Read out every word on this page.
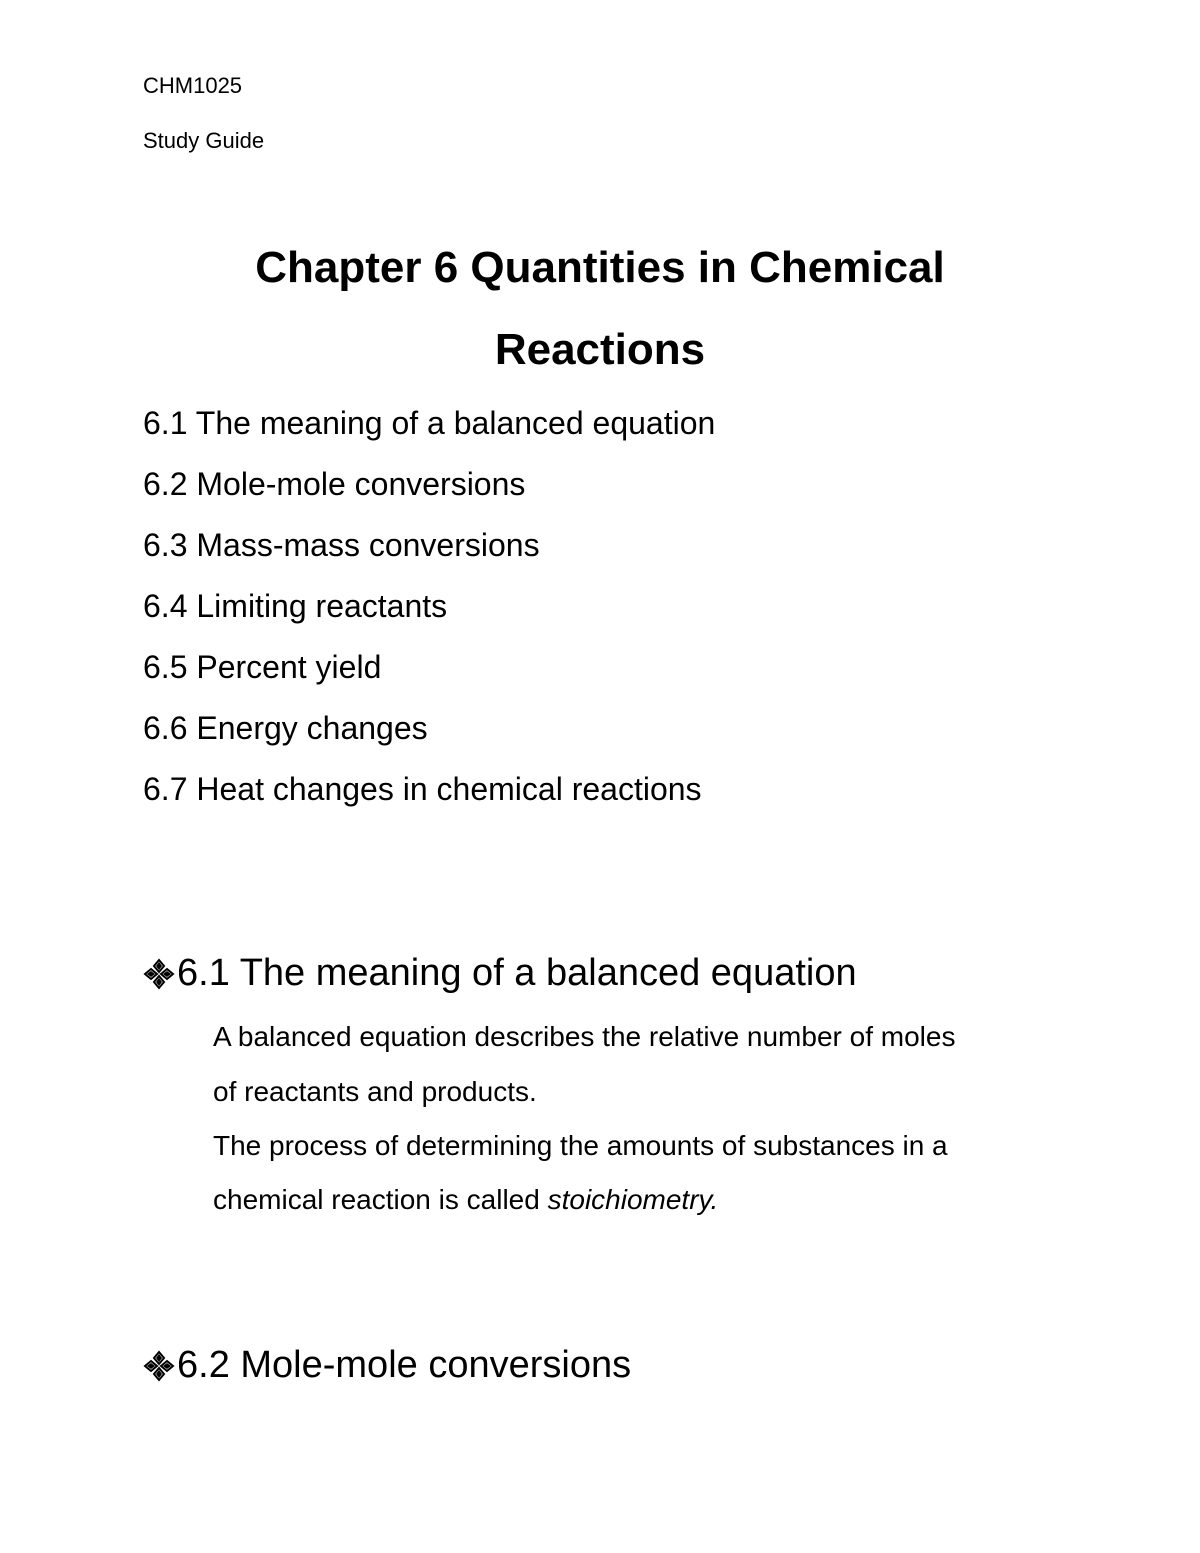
CHM1025

Study Guide

Chapter 6 Quantities in Chemical
Reactions

6.1 The meaning of a balanced equation

6.2 Mole-mole conversions

6.3 Mass-mass conversions

6.4 Limiting reactants

6.5 Percent yield

6.6 Energy changes

6.7 Heat changes in chemical reactions

6.1 The meaning of a balanced equation

A balanced equation describes the relative number of moles

of reactants and products.

The process of determining the amounts of substances in a

chemical reaction is called stoichiometry.

6.2 Mole-mole conversions
